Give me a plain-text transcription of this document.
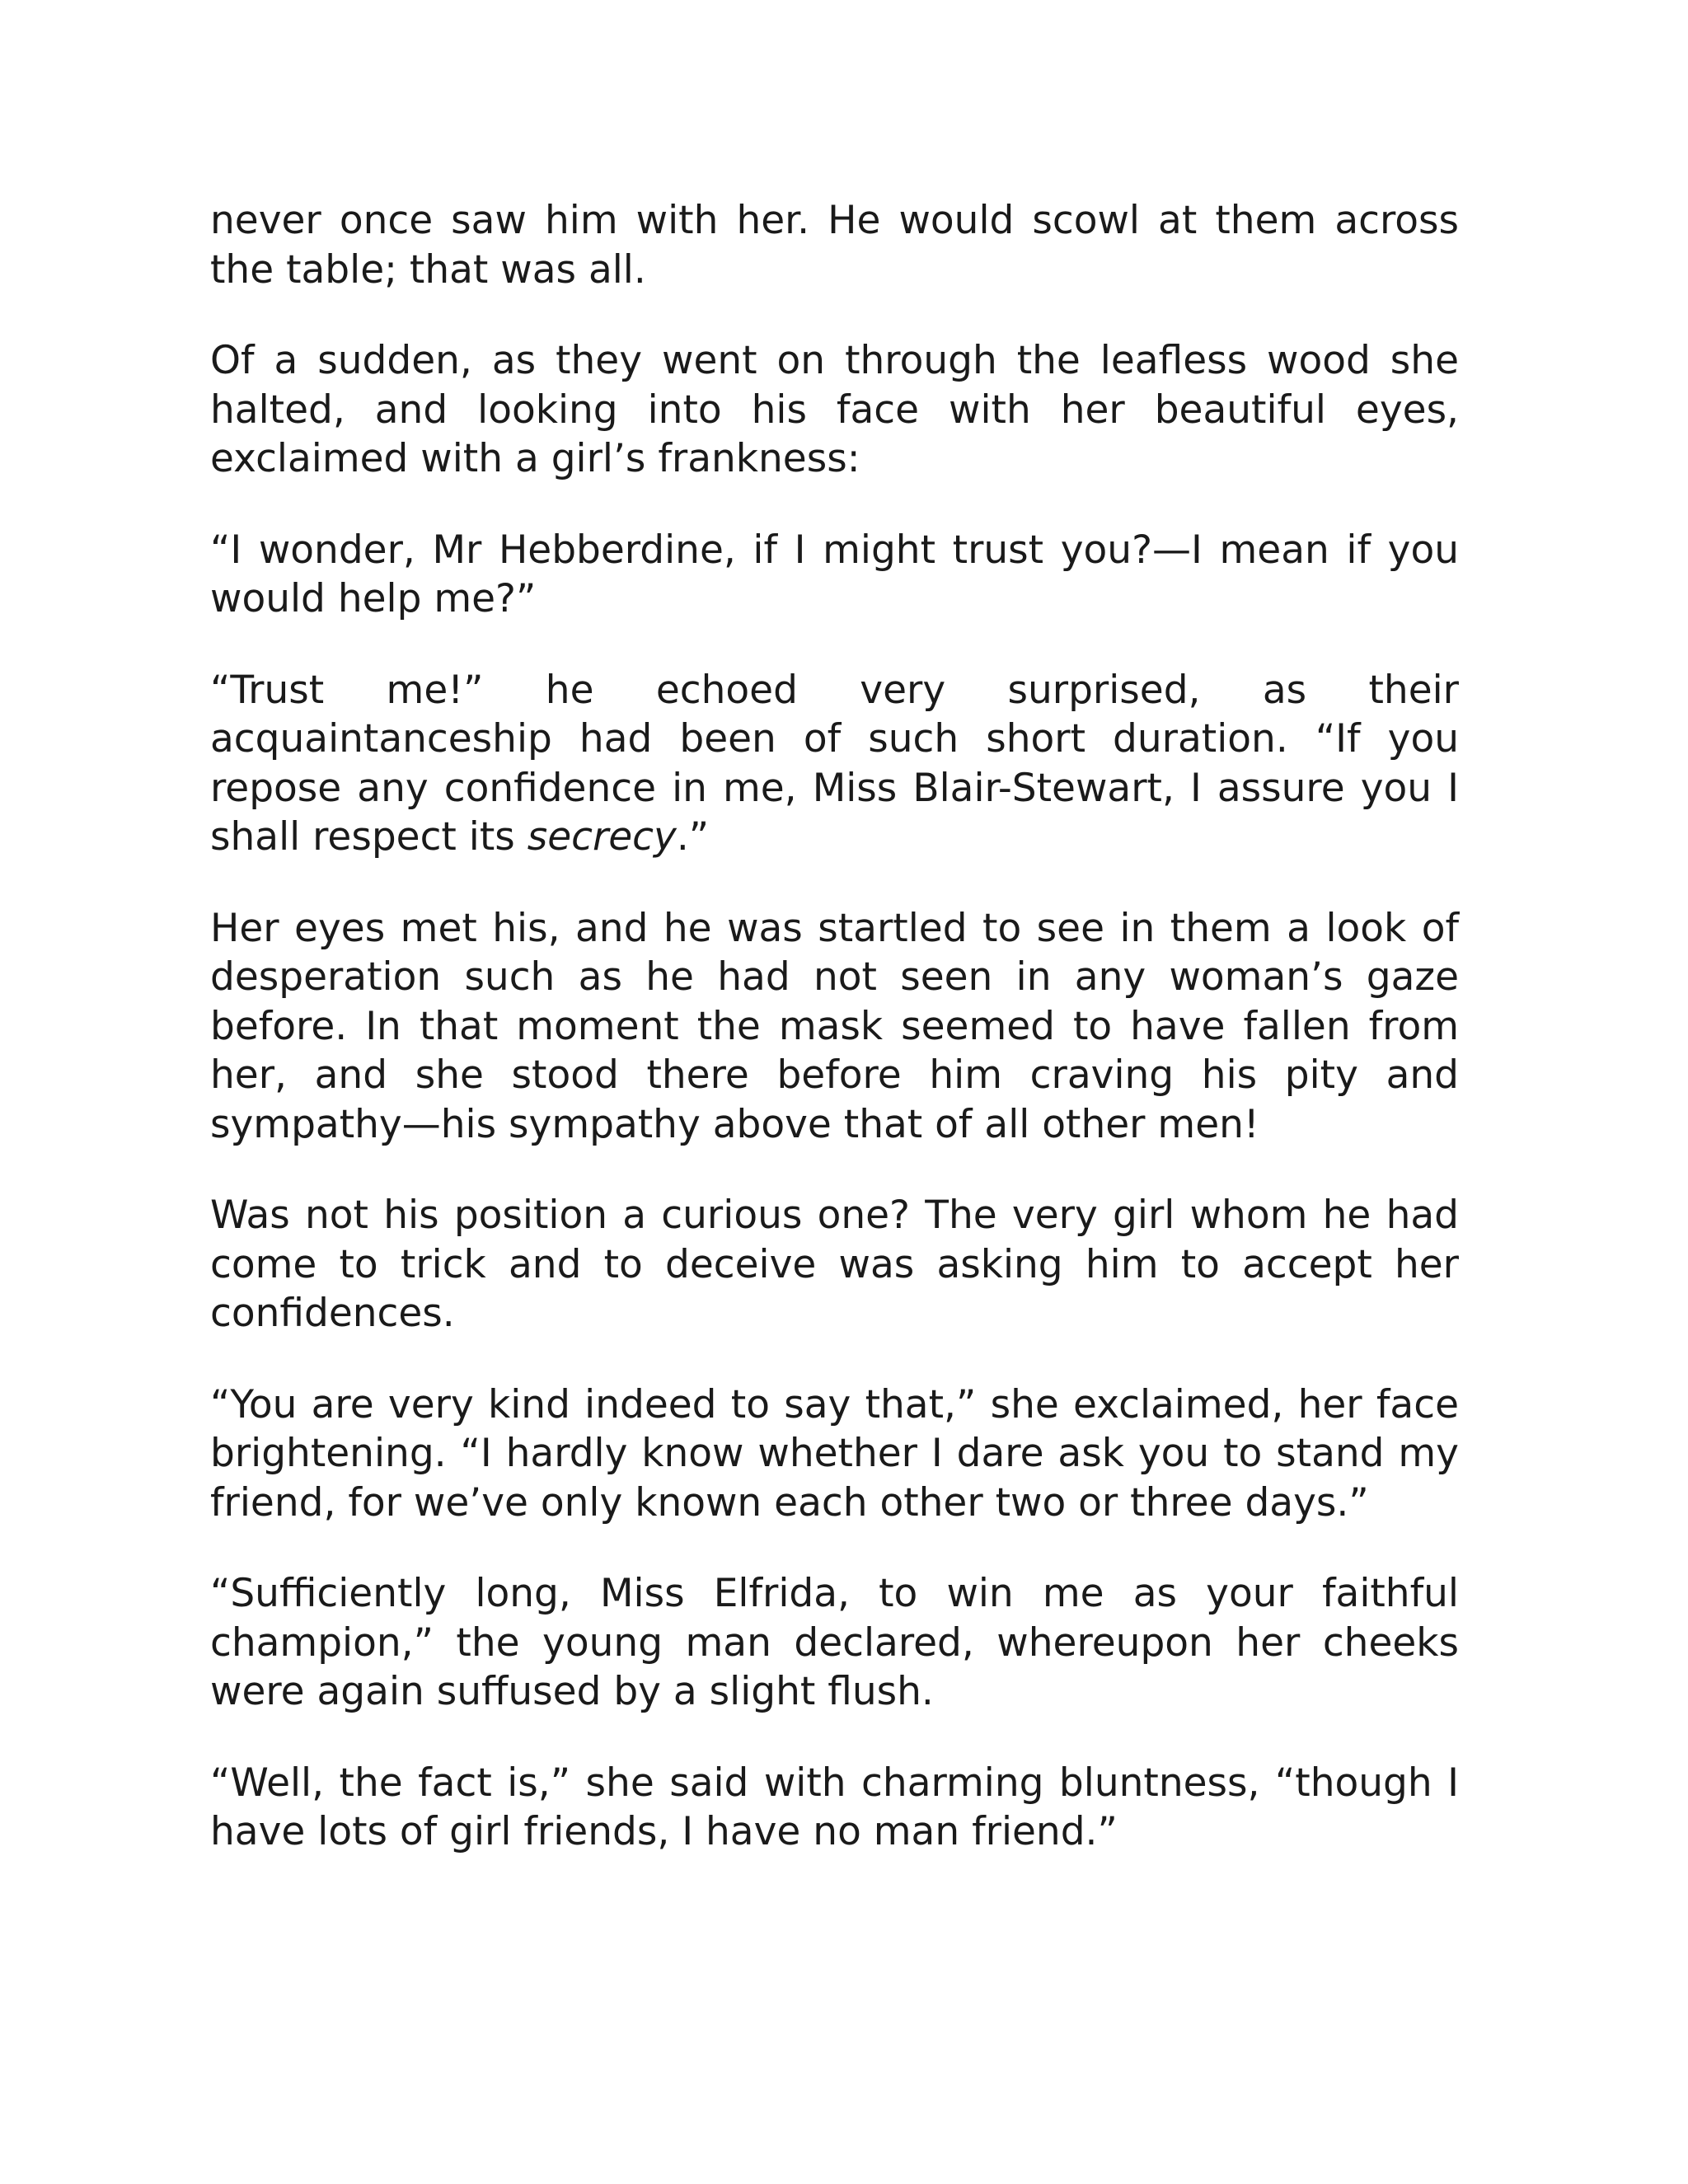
never once saw him with her. He would scowl at them across the table; that was all.

Of a sudden, as they went on through the leafless wood she halted, and looking into his face with her beautiful eyes, exclaimed with a girl’s frankness:

“I wonder, Mr Hebberdine, if I might trust you?—I mean if you would help me?”

“Trust me!” he echoed very surprised, as their acquaintanceship had been of such short duration. “If you repose any confidence in me, Miss Blair-Stewart, I assure you I shall respect its secrecy.”

Her eyes met his, and he was startled to see in them a look of desperation such as he had not seen in any woman’s gaze before. In that moment the mask seemed to have fallen from her, and she stood there before him craving his pity and sympathy—his sympathy above that of all other men!

Was not his position a curious one? The very girl whom he had come to trick and to deceive was asking him to accept her confidences.

“You are very kind indeed to say that,” she exclaimed, her face brightening. “I hardly know whether I dare ask you to stand my friend, for we’ve only known each other two or three days.”

“Sufficiently long, Miss Elfrida, to win me as your faithful champion,” the young man declared, whereupon her cheeks were again suffused by a slight flush.

“Well, the fact is,” she said with charming bluntness, “though I have lots of girl friends, I have no man friend.”
